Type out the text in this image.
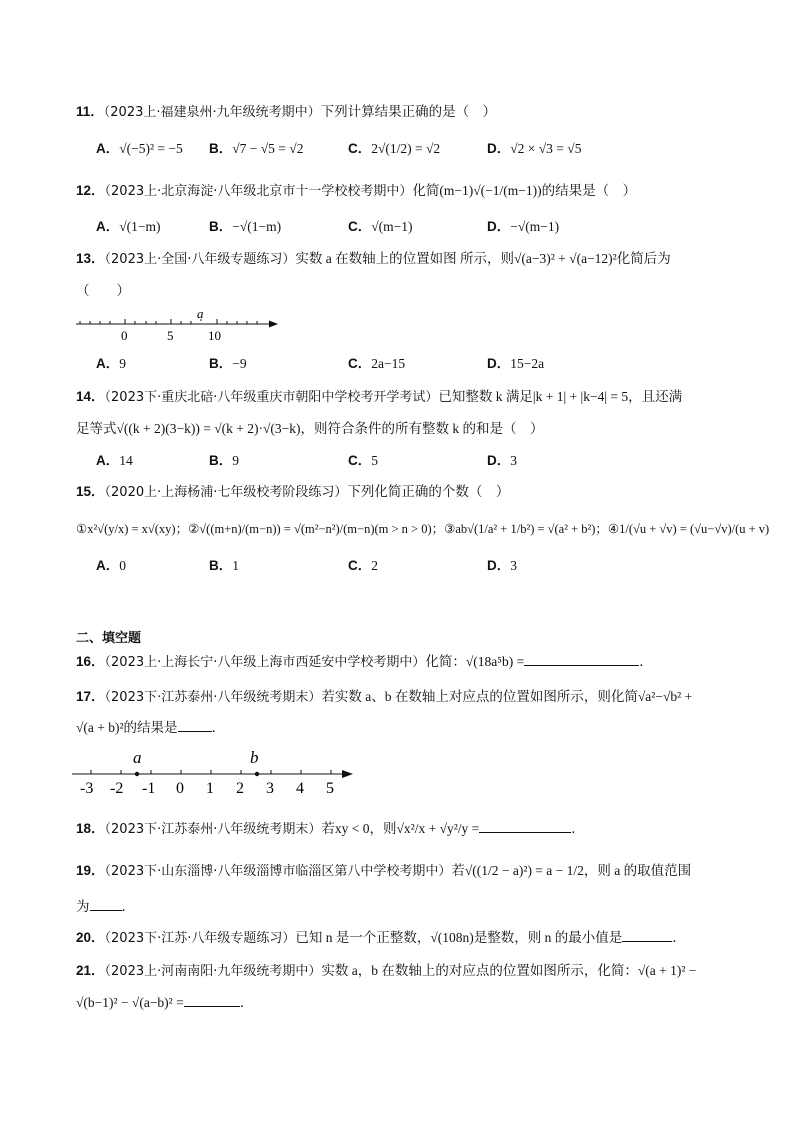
11．（2023上·福建泉州·九年级统考期中）下列计算结果正确的是（　）
A．√(−5)² = −5 B．√7 − √5 = √2	C．2√(1/2) = √2	D．√2 × √3 = √5
12．（2023上·北京海淀·八年级北京市十一学校校考期中）化简(m−1)√(−1/(m−1))的结果是（　）
A．√(1−m)	B．−√(1−m)	C．√(m−1)	D．−√(m−1)
13．（2023上·全国·八年级专题练习）实数 a 在数轴上的位置如图 所示，则√(a−3)² + √(a−12)²化简后为
（　　）
0	5	10
a
A．9	B．−9	C．2a−15	D．15−2a
14．（2023下·重庆北碚·八年级重庆市朝阳中学校考开学考试）已知整数 k 满足|k + 1| + |k−4| = 5，且还满
足等式√((k + 2)(3−k)) = √(k + 2)·√(3−k)，则符合条件的所有整数 k 的和是（　）
A．14	B．9	C．5	D．3
15．（2020上·上海杨浦·七年级校考阶段练习）下列化简正确的个数（　）
①x²√(y/x) = x√(xy)；②√((m+n)/(m−n)) = √(m²−n²)/(m−n)(m > n > 0)；③ab√(1/a² + 1/b²) = √(a² + b²)；④1/(√u + √v) = (√u−√v)/(u + v)
A．0	B．1	C．2	D．3
二、填空题
16．（2023上·上海长宁·八年级上海市西延安中学校考期中）化简：√(18a⁵b) =	．
17．（2023下·江苏泰州·八年级统考期末）若实数 a、b 在数轴上对应点的位置如图所示，则化简√a²−√b² +
√(a + b)²的结果是	．
a	b
-3 -2 -1 0 1 2 3 4 5
18．（2023下·江苏泰州·八年级统考期末）若xy < 0，则√x²/x + √y²/y =	．
19．（2023下·山东淄博·八年级淄博市临淄区第八中学校考期中）若√((1/2 − a)²) = a − 1/2，则 a 的取值范围
为 ．
20．（2023下·江苏·八年级专题练习）已知 n 是一个正整数，√(108n)是整数，则 n 的最小值是	．
21．（2023上·河南南阳·九年级统考期中）实数 a，b 在数轴上的对应点的位置如图所示，化简：√(a + 1)² −
√(b−1)² − √(a−b)² =	．
